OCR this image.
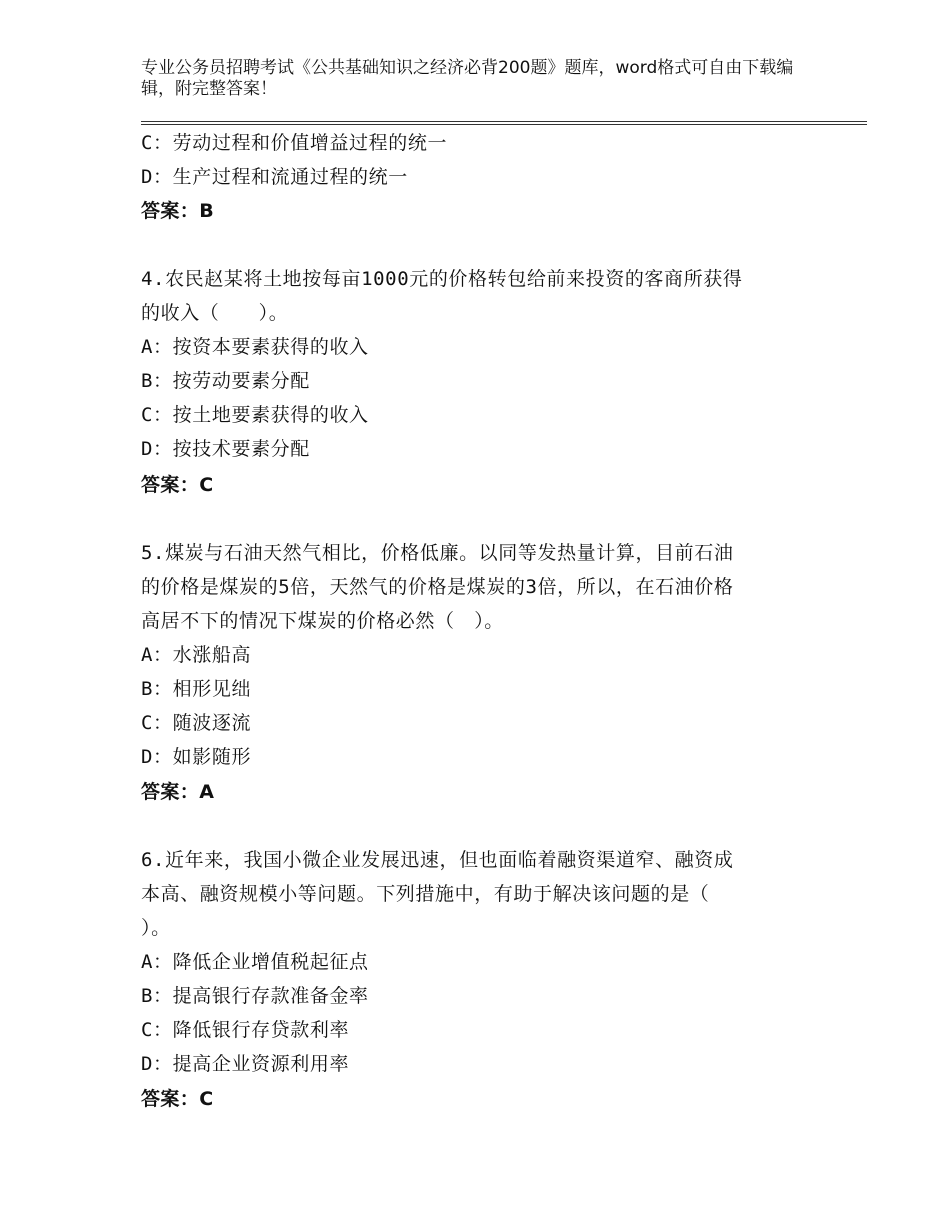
专业公务员招聘考试《公共基础知识之经济必背200题》题库，word格式可自由下载编辑，附完整答案！
C：劳动过程和价值增益过程的统一
D：生产过程和流通过程的统一
答案：B
4.农民赵某将土地按每亩1000元的价格转包给前来投资的客商所获得
的收入（　　）。
A：按资本要素获得的收入
B：按劳动要素分配
C：按土地要素获得的收入
D：按技术要素分配
答案：C
5.煤炭与石油天然气相比，价格低廉。以同等发热量计算，目前石油
的价格是煤炭的5倍，天然气的价格是煤炭的3倍，所以，在石油价格
高居不下的情况下煤炭的价格必然（　）。
A：水涨船高
B：相形见绌
C：随波逐流
D：如影随形
答案：A
6.近年来，我国小微企业发展迅速，但也面临着融资渠道窄、融资成
本高、融资规模小等问题。下列措施中，有助于解决该问题的是（
）。
A：降低企业增值税起征点
B：提高银行存款准备金率
C：降低银行存贷款利率
D：提高企业资源利用率
答案：C
